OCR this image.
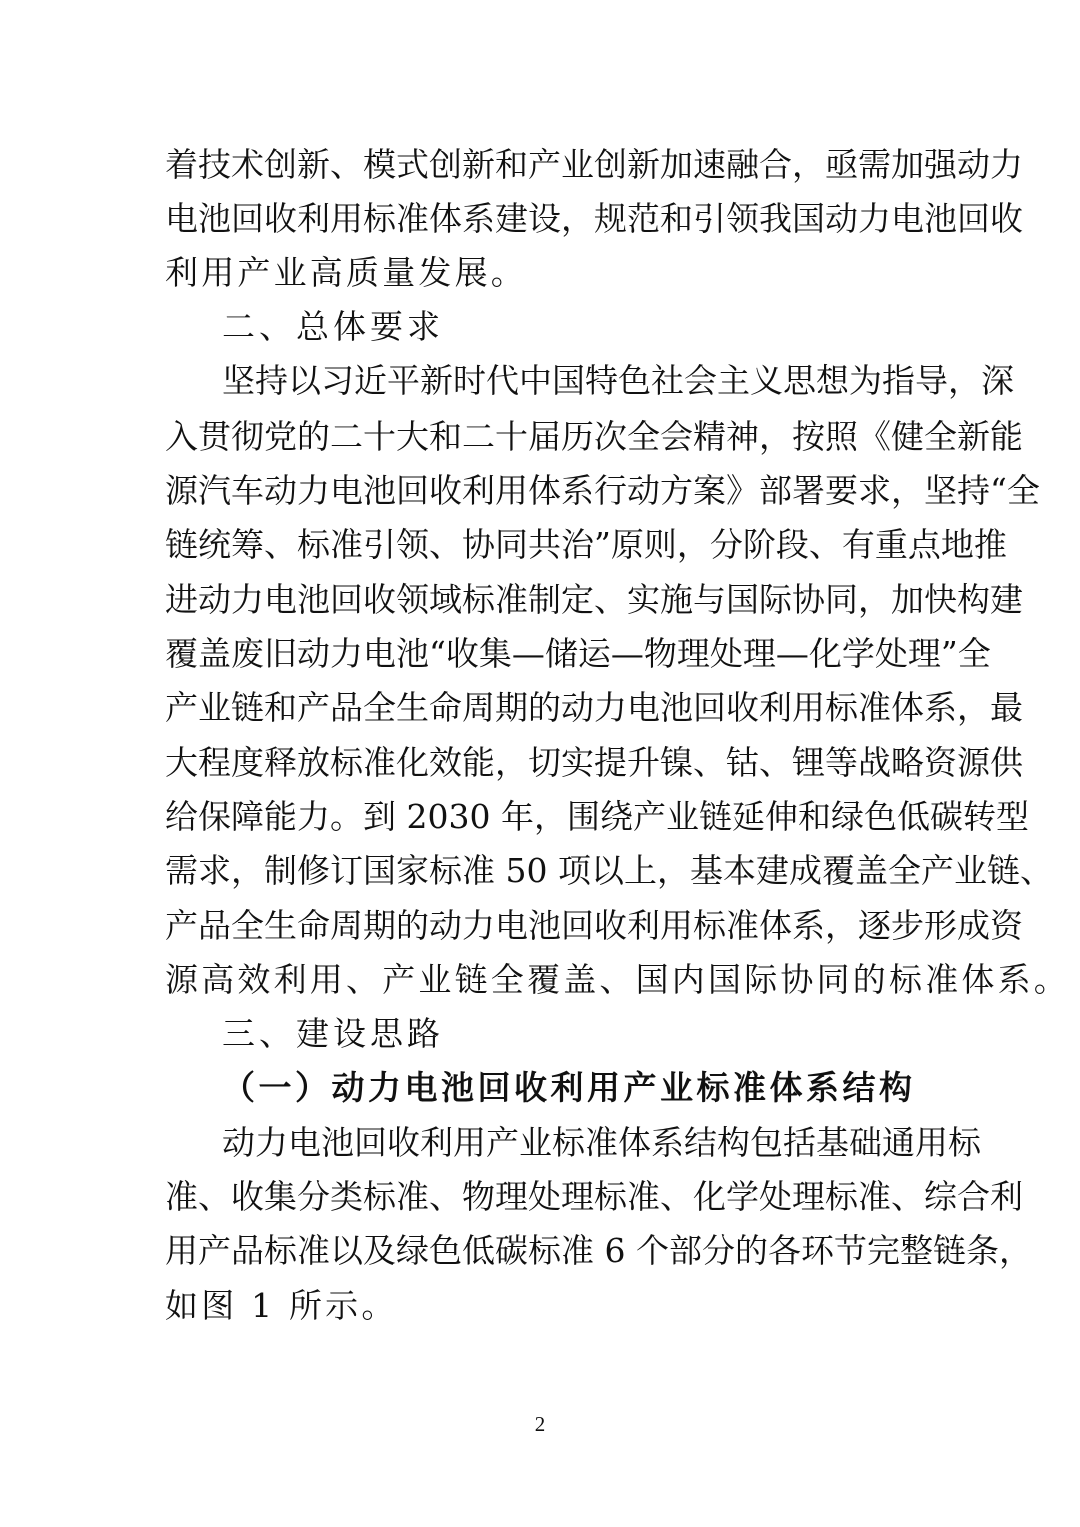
着技术创新、模式创新和产业创新加速融合，亟需加强动力
电池回收利用标准体系建设，规范和引领我国动力电池回收
利用产业高质量发展。
二、总体要求
坚持以习近平新时代中国特色社会主义思想为指导，深
入贯彻党的二十大和二十届历次全会精神，按照《健全新能
源汽车动力电池回收利用体系行动方案》部署要求，坚持“全
链统筹、标准引领、协同共治”原则，分阶段、有重点地推
进动力电池回收领域标准制定、实施与国际协同，加快构建
覆盖废旧动力电池“收集—储运—物理处理—化学处理”全
产业链和产品全生命周期的动力电池回收利用标准体系，最
大程度释放标准化效能，切实提升镍、钴、锂等战略资源供
给保障能力。到 2030 年，围绕产业链延伸和绿色低碳转型
需求，制修订国家标准 50 项以上，基本建成覆盖全产业链、
产品全生命周期的动力电池回收利用标准体系，逐步形成资
源高效利用、产业链全覆盖、国内国际协同的标准体系。
三、建设思路
（一）动力电池回收利用产业标准体系结构
动力电池回收利用产业标准体系结构包括基础通用标
准、收集分类标准、物理处理标准、化学处理标准、综合利
用产品标准以及绿色低碳标准 6 个部分的各环节完整链条，
如图 1 所示。
2
